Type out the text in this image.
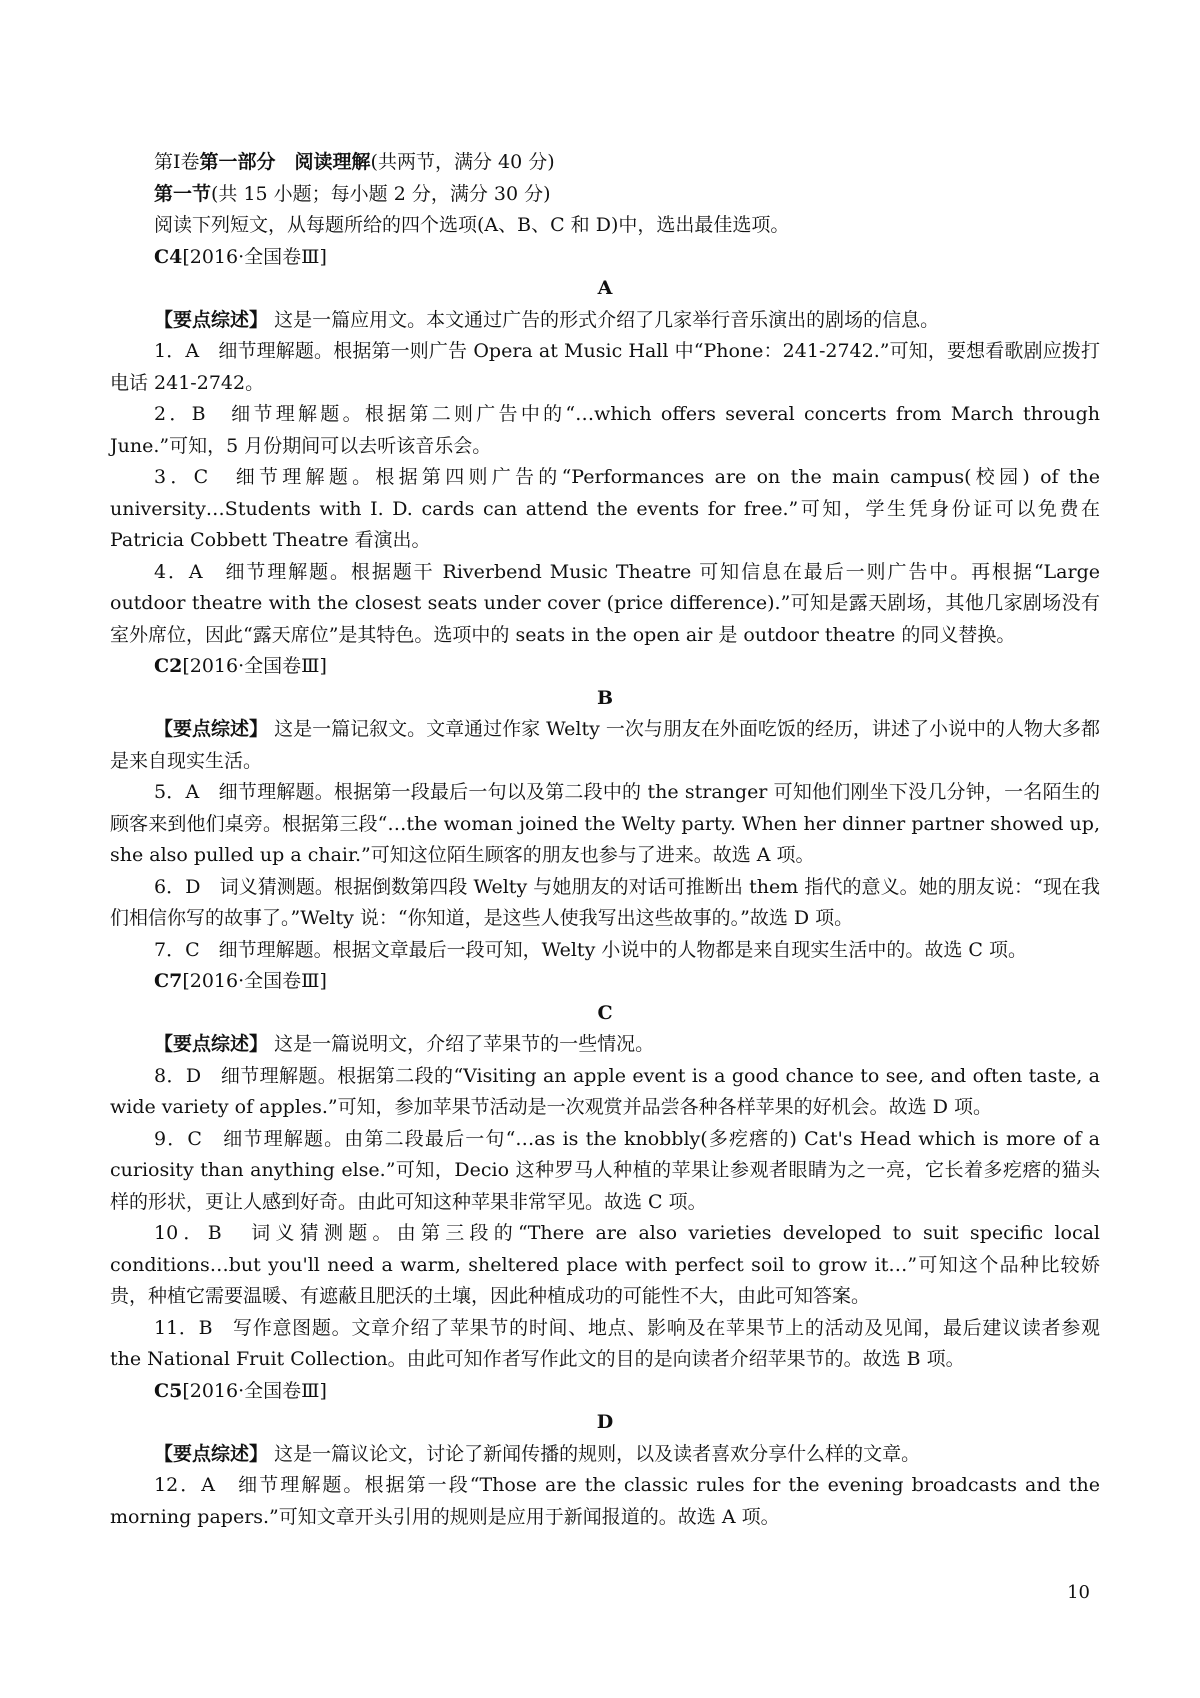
第Ⅰ卷第一部分　阅读理解(共两节，满分 40 分)

第一节(共 15 小题；每小题 2 分，满分 30 分)

阅读下列短文，从每题所给的四个选项(A、B、C 和 D)中，选出最佳选项。

C4[2016·全国卷Ⅲ]

A

【要点综述】 这是一篇应用文。本文通过广告的形式介绍了几家举行音乐演出的剧场的信息。

1．A　细节理解题。根据第一则广告 Opera at Music Hall 中“Phone：241-2742.”可知，要想看歌剧应拨打电话 241-2742。

2．B　细节理解题。根据第二则广告中的“…which offers several concerts from March through June.”可知，5 月份期间可以去听该音乐会。

3．C　细节理解题。根据第四则广告的“Performances are on the main campus(校园) of the university…Students with I. D. cards can attend the events for free.”可知，学生凭身份证可以免费在 Patricia Cobbett Theatre 看演出。

4．A　细节理解题。根据题干 Riverbend Music Theatre 可知信息在最后一则广告中。再根据“Large outdoor theatre with the closest seats under cover (price difference).”可知是露天剧场，其他几家剧场没有室外席位，因此“露天席位”是其特色。选项中的 seats in the open air 是 outdoor theatre 的同义替换。

C2[2016·全国卷Ⅲ]

B

【要点综述】 这是一篇记叙文。文章通过作家 Welty 一次与朋友在外面吃饭的经历，讲述了小说中的人物大多都是来自现实生活。

5．A　细节理解题。根据第一段最后一句以及第二段中的 the stranger 可知他们刚坐下没几分钟，一名陌生的顾客来到他们桌旁。根据第三段“…the woman joined the Welty party. When her dinner partner showed up, she also pulled up a chair.”可知这位陌生顾客的朋友也参与了进来。故选 A 项。

6．D　词义猜测题。根据倒数第四段 Welty 与她朋友的对话可推断出 them 指代的意义。她的朋友说：“现在我们相信你写的故事了。”Welty 说：“你知道，是这些人使我写出这些故事的。”故选 D 项。

7．C　细节理解题。根据文章最后一段可知，Welty 小说中的人物都是来自现实生活中的。故选 C 项。

C7[2016·全国卷Ⅲ]

C

【要点综述】 这是一篇说明文，介绍了苹果节的一些情况。

8．D　细节理解题。根据第二段的“Visiting an apple event is a good chance to see, and often taste, a wide variety of apples.”可知，参加苹果节活动是一次观赏并品尝各种各样苹果的好机会。故选 D 项。

9．C　细节理解题。由第二段最后一句“…as is the knobbly(多疙瘩的) Cat's Head which is more of a curiosity than anything else.”可知，Decio 这种罗马人种植的苹果让参观者眼睛为之一亮，它长着多疙瘩的猫头样的形状，更让人感到好奇。由此可知这种苹果非常罕见。故选 C 项。

10．B　词义猜测题。由第三段的“There are also varieties developed to suit specific local conditions…but you'll need a warm, sheltered place with perfect soil to grow it…”可知这个品种比较娇贵，种植它需要温暖、有遮蔽且肥沃的土壤，因此种植成功的可能性不大，由此可知答案。

11．B　写作意图题。文章介绍了苹果节的时间、地点、影响及在苹果节上的活动及见闻，最后建议读者参观 the National Fruit Collection。由此可知作者写作此文的目的是向读者介绍苹果节的。故选 B 项。

C5[2016·全国卷Ⅲ]

D

【要点综述】 这是一篇议论文，讨论了新闻传播的规则，以及读者喜欢分享什么样的文章。

12．A　细节理解题。根据第一段“Those are the classic rules for the evening broadcasts and the morning papers.”可知文章开头引用的规则是应用于新闻报道的。故选 A 项。

10
